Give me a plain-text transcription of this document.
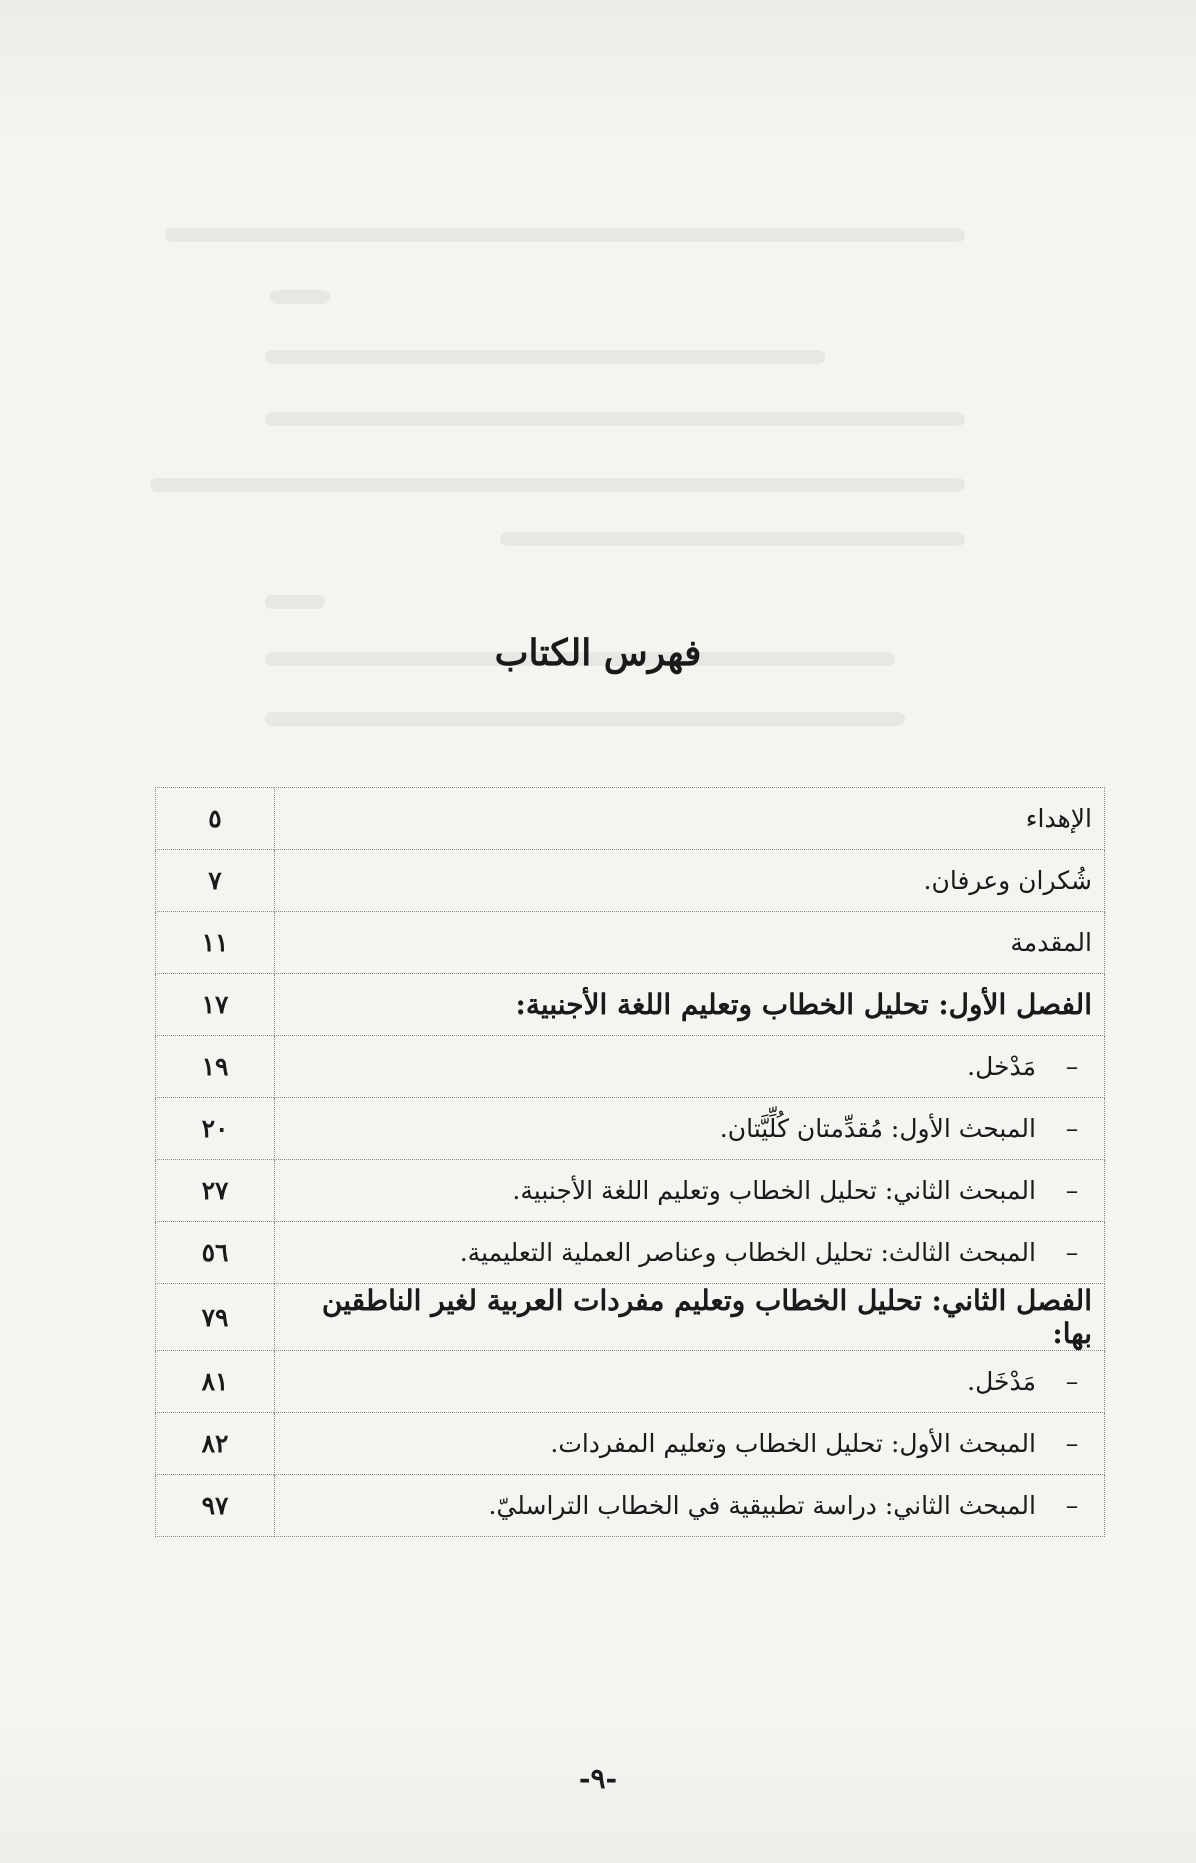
فهرس الكتاب
الإهداء	٥
شُكران وعرفان.	٧
المقدمة	١١
الفصل الأول: تحليل الخطاب وتعليم اللغة الأجنبية:	١٧
–مَدْخل.	١٩
–المبحث الأول: مُقدِّمتان كُلِّيَّتان.	٢٠
–المبحث الثاني: تحليل الخطاب وتعليم اللغة الأجنبية.	٢٧
–المبحث الثالث: تحليل الخطاب وعناصر العملية التعليمية.	٥٦
الفصل الثاني: تحليل الخطاب وتعليم مفردات العربية لغير الناطقين بها:	٧٩
–مَدْخَل.	٨١
–المبحث الأول: تحليل الخطاب وتعليم المفردات.	٨٢
–المبحث الثاني: دراسة تطبيقية في الخطاب التراسليّ.	٩٧
-٩-
